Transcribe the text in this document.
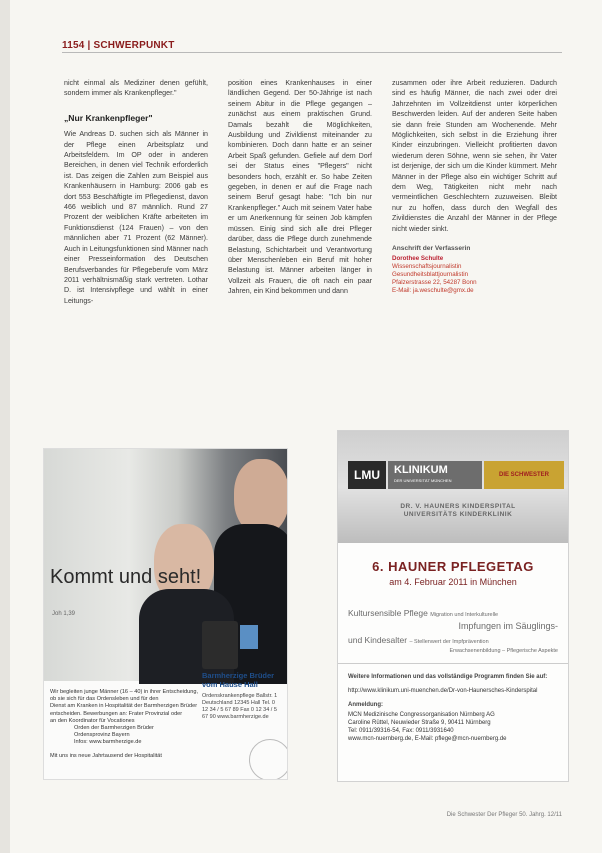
1154 | SCHWERPUNKT

nicht einmal als Mediziner denen gefühlt, sondern immer als Krankenpfleger."

„Nur Krankenpfleger"

Wie Andreas D. suchen sich als Männer in der Pflege einen Arbeitsplatz und Arbeitsfeldern. Im OP oder in anderen Bereichen, in denen viel Technik erforderlich ist. Das zeigen die Zahlen zum Beispiel aus Krankenhäusern in Hamburg: 2006 gab es dort 553 Beschäftigte im Pflegedienst, davon 466 weiblich und 87 männlich. Rund 27 Prozent der weiblichen Kräfte arbeiteten im Funktionsdienst (124 Frauen) – von den männlichen aber 71 Prozent (62 Männer). Auch in Leitungsfunktionen sind Männer nach einer Presseinformation des Deutschen Berufsverbandes für Pflegeberufe vom März 2011 verhältnismäßig stark vertreten. Lothar D. ist Intensivpflege und wählt in einer Leitungs-

position eines Krankenhauses in einer ländlichen Gegend. Der 50-Jährige ist nach seinem Abitur in die Pflege gegangen – zunächst aus einem praktischen Grund. Damals bezahlt die Möglichkeiten, Ausbildung und Zivildienst miteinander zu kombinieren. Doch dann hatte er an seiner Arbeit Spaß gefunden. Gefiele auf dem Dorf sei der Status eines "Pflegers" nicht besonders hoch, erzählt er. So habe Zeiten gegeben, in denen er auf die Frage nach seinem Beruf gesagt habe: "Ich bin nur Krankenpfleger." Auch mit seinem Vater habe er um Anerkennung für seinen Job kämpfen müssen. Einig sind sich alle drei Pfleger darüber, dass die Pflege durch zunehmende Belastung, Schichtarbeit und Verantwortung über Menschenleben ein Beruf mit hoher Belastung ist. Männer arbeiten länger in Vollzeit als Frauen, die oft nach ein paar Jahren, ein Kind bekommen und dann

zusammen oder ihre Arbeit reduzieren. Dadurch sind es häufig Männer, die nach zwei oder drei Jahrzehnten im Vollzeitdienst unter körperlichen Beschwerden leiden. Auf der anderen Seite haben sie dann freie Stunden am Wochenende. Mehr Möglichkeiten, sich selbst in die Erziehung ihrer Kinder einzubringen. Vielleicht profitierten davon wiederum deren Söhne, wenn sie sehen, ihr Vater ist derjenige, der sich um die Kinder kümmert. Mehr Männer in der Pflege also ein wichtiger Schritt auf dem Weg, Tätigkeiten nicht mehr nach vermeintlichen Geschlechtern zuzuweisen. Bleibt nur zu hoffen, dass durch den Wegfall des Zivildienstes die Anzahl der Männer in der Pflege nicht wieder sinkt.

Anschrift der Verfasserin
Dorothee Schulte
Wissenschaftsjournalistin
Gesundheitsblattjournalistin
Pfalzerstrasse 22, 54287 Bonn
E-Mail: ja.weschulte@gmx.de
Kommt und seht!
Joh 1,39
Barmherzige Brüder vom Hause Hall
Ordenskrankenpflege Ballstr. 1 Deutschland 12345 Hall Tel. 0 12 34 / 5 67 89 Fax 0 12 34 / 5 67 90 www.barmherzige.de
Wir begleiten junge Männer (16 – 40) in ihrer Entscheidung,
ob sie sich für das Ordensleben und für den
Dienst am Kranken in Hospitalität der Barmherzigen Brüder
entscheiden. Bewerbungen an: Frater Provinzial oder
an den Koordinator für Vocationes
Orden der Barmherzigen Brüder
Ordensprovinz Bayern
Infos: www.barmherzige.de
Mit uns ins neue Jahrtausend der Hospitalität
LMU	KLINIKUM
DER UNIVERSITÄT MÜNCHEN
DIE SCHWESTER
DR. V. HAUNERS KINDERSPITAL
UNIVERSITÄTS KINDERKLINIK
6. HAUNER PFLEGETAG
am 4. Februar 2011 in München
Kultursensible Pflege Migration und Interkulturelle
Impfungen im Säuglings-
und Kindesalter – Stellenwert der Impfprävention
Erwachsenenbildung – Pflegerische Aspekte

Weitere Informationen und das vollständige Programm finden Sie auf:

http://www.klinikum.uni-muenchen.de/Dr-von-Haunersches-Kinderspital

Anmeldung:

MCN Medizinische Congressorganisation Nürnberg AG
Caroline Rüttel, Neuwieder Straße 9, 90411 Nürnberg
Tel: 0911/39316-54, Fax: 0911/3931640
www.mcn-nuernberg.de, E-Mail: pflege@mcn-nuernberg.de
Die Schwester Der Pfleger 50. Jahrg. 12/11
